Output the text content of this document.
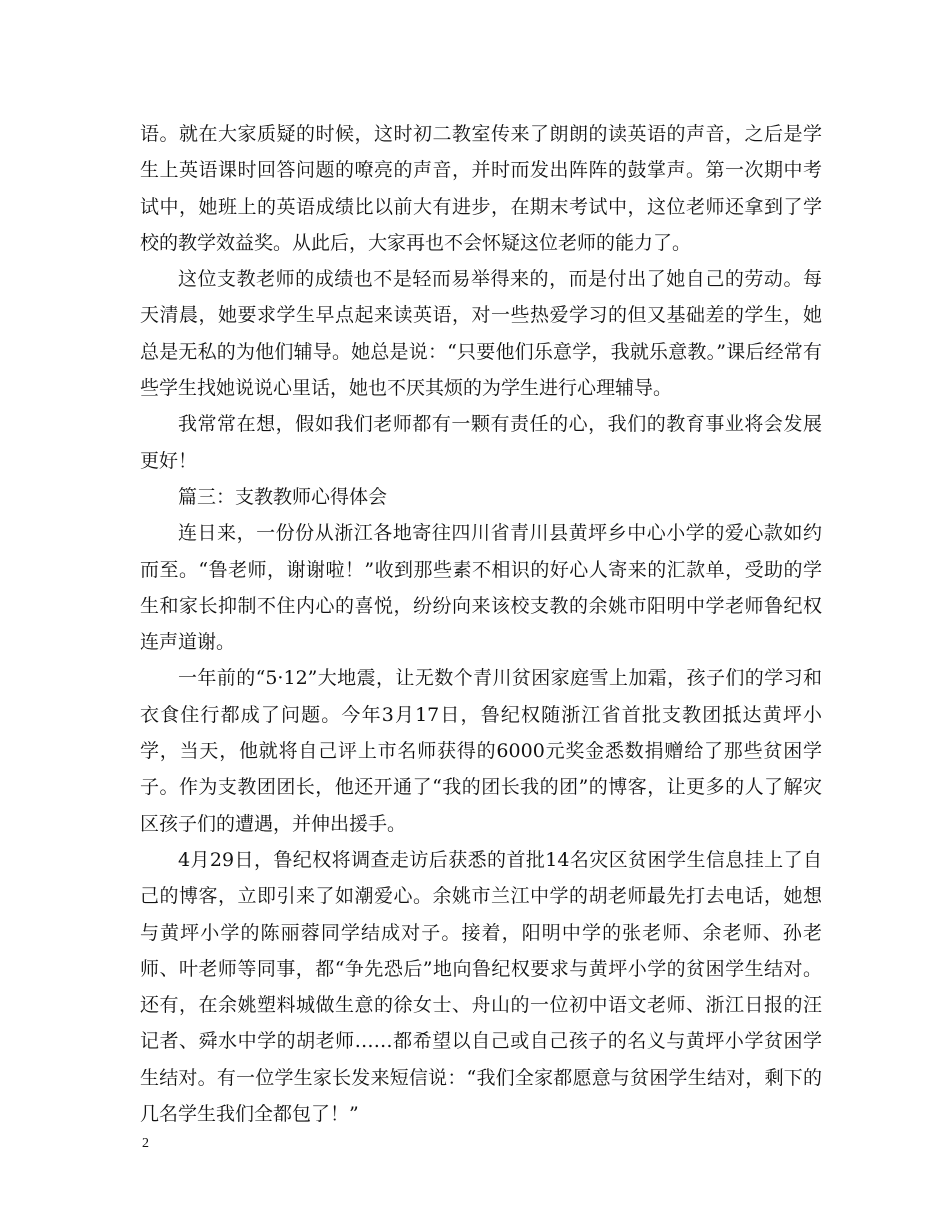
语。就在大家质疑的时候，这时初二教室传来了朗朗的读英语的声音，之后是学生上英语课时回答问题的嘹亮的声音，并时而发出阵阵的鼓掌声。第一次期中考试中，她班上的英语成绩比以前大有进步，在期末考试中，这位老师还拿到了学校的教学效益奖。从此后，大家再也不会怀疑这位老师的能力了。

这位支教老师的成绩也不是轻而易举得来的，而是付出了她自己的劳动。每天清晨，她要求学生早点起来读英语，对一些热爱学习的但又基础差的学生，她总是无私的为他们辅导。她总是说：“只要他们乐意学，我就乐意教。”课后经常有些学生找她说说心里话，她也不厌其烦的为学生进行心理辅导。

我常常在想，假如我们老师都有一颗有责任的心，我们的教育事业将会发展更好！

篇三：支教教师心得体会

连日来，一份份从浙江各地寄往四川省青川县黄坪乡中心小学的爱心款如约而至。“鲁老师，谢谢啦！”收到那些素不相识的好心人寄来的汇款单，受助的学生和家长抑制不住内心的喜悦，纷纷向来该校支教的余姚市阳明中学老师鲁纪权连声道谢。

一年前的“5·12”大地震，让无数个青川贫困家庭雪上加霜，孩子们的学习和衣食住行都成了问题。今年3月17日，鲁纪权随浙江省首批支教团抵达黄坪小学，当天，他就将自己评上市名师获得的6000元奖金悉数捐赠给了那些贫困学子。作为支教团团长，他还开通了“我的团长我的团”的博客，让更多的人了解灾区孩子们的遭遇，并伸出援手。

4月29日，鲁纪权将调查走访后获悉的首批14名灾区贫困学生信息挂上了自己的博客，立即引来了如潮爱心。余姚市兰江中学的胡老师最先打去电话，她想与黄坪小学的陈丽蓉同学结成对子。接着，阳明中学的张老师、余老师、孙老师、叶老师等同事，都“争先恐后”地向鲁纪权要求与黄坪小学的贫困学生结对。还有，在余姚塑料城做生意的徐女士、舟山的一位初中语文老师、浙江日报的汪记者、舜水中学的胡老师……都希望以自己或自己孩子的名义与黄坪小学贫困学生结对。有一位学生家长发来短信说：“我们全家都愿意与贫困学生结对，剩下的几名学生我们全都包了！”

2
